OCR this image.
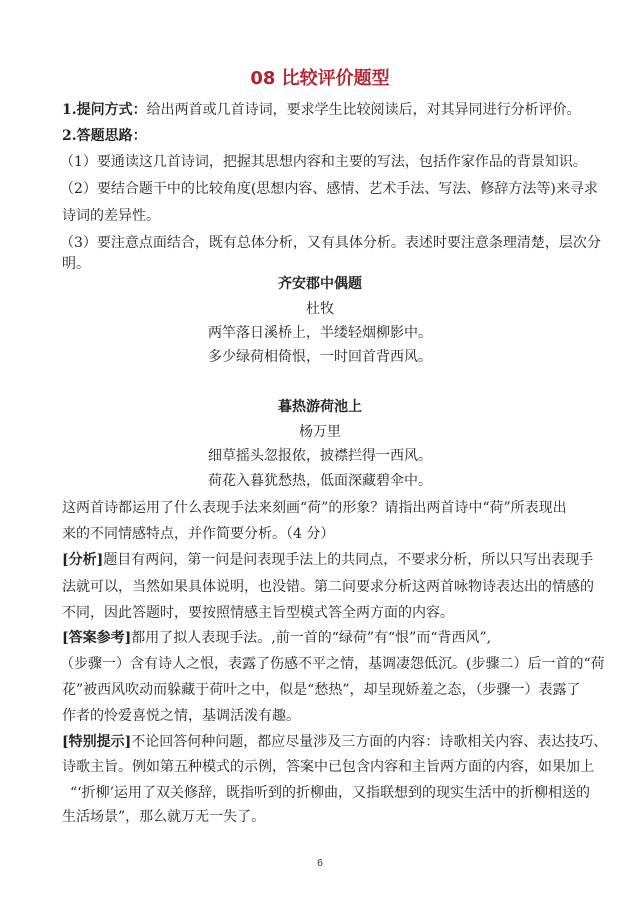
08 比较评价题型
1.提问方式：给出两首或几首诗词，要求学生比较阅读后，对其异同进行分析评价。
2.答题思路：
（1）要通读这几首诗词，把握其思想内容和主要的写法，包括作家作品的背景知识。
（2）要结合题干中的比较角度(思想内容、感情、艺术手法、写法、修辞方法等)来寻求
诗词的差异性。
（3）要注意点面结合，既有总体分析，又有具体分析。表述时要注意条理清楚，层次分
明。
齐安郡中偶题
杜牧
两竿落日溪桥上，半缕轻烟柳影中。
多少绿荷相倚恨，一时回首背西风。
暮热游荷池上
杨万里
细草摇头忽报侬，披襟拦得一西风。
荷花入暮犹愁热，低面深藏碧伞中。
这两首诗都运用了什么表现手法来刻画“荷”的形象？请指出两首诗中“荷”所表现出
来的不同情感特点，并作简要分析。（4 分）
[分析]题目有两问，第一问是问表现手法上的共同点，不要求分析，所以只写出表现手
法就可以，当然如果具体说明，也没错。第二问要求分析这两首咏物诗表达出的情感的
不同，因此答题时，要按照情感主旨型模式答全两方面的内容。
[答案参考]都用了拟人表现手法。,前一首的“绿荷”有“恨”而“背西风”,
（步骤一）含有诗人之恨，表露了伤感不平之情，基调凄怨低沉。(步骤二）后一首的“荷
花”被西风吹动而躲藏于荷叶之中，似是“愁热”，却呈现娇羞之态，（步骤一）表露了
作者的怜爱喜悦之情，基调活泼有趣。
[特别提示]不论回答何种问题，都应尽量涉及三方面的内容：诗歌相关内容、表达技巧、
诗歌主旨。例如第五种模式的示例，答案中已包含内容和主旨两方面的内容，如果加上
“‘折柳’运用了双关修辞，既指听到的折柳曲，又指联想到的现实生活中的折柳相送的
生活场景”，那么就万无一失了。
6
